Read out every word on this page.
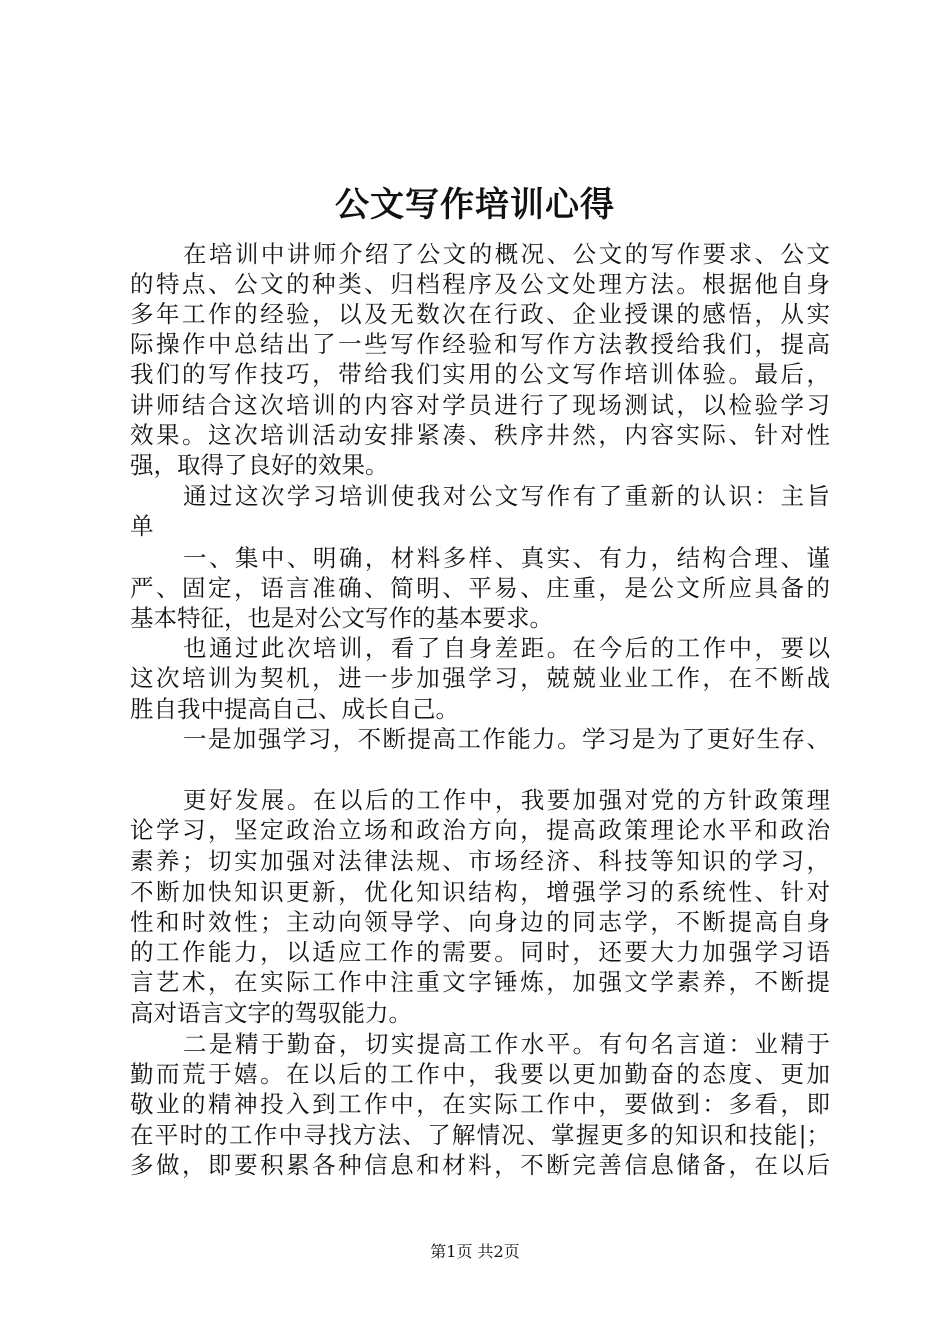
公文写作培训心得
在培训中讲师介绍了公文的概况、公文的写作要求、公文
的特点、公文的种类、归档程序及公文处理方法。根据他自身
多年工作的经验，以及无数次在行政、企业授课的感悟，从实
际操作中总结出了一些写作经验和写作方法教授给我们，提高
我们的写作技巧，带给我们实用的公文写作培训体验。最后，
讲师结合这次培训的内容对学员进行了现场测试，以检验学习
效果。这次培训活动安排紧凑、秩序井然，内容实际、针对性
强，取得了良好的效果。
通过这次学习培训使我对公文写作有了重新的认识：主旨
单
一、集中、明确，材料多样、真实、有力，结构合理、谨
严、固定，语言准确、简明、平易、庄重，是公文所应具备的
基本特征，也是对公文写作的基本要求。
也通过此次培训，看了自身差距。在今后的工作中，要以
这次培训为契机，进一步加强学习，兢兢业业工作，在不断战
胜自我中提高自己、成长自己。
一是加强学习，不断提高工作能力。学习是为了更好生存、
更好发展。在以后的工作中，我要加强对党的方针政策理
论学习，坚定政治立场和政治方向，提高政策理论水平和政治
素养；切实加强对法律法规、市场经济、科技等知识的学习，
不断加快知识更新，优化知识结构，增强学习的系统性、针对
性和时效性；主动向领导学、向身边的同志学，不断提高自身
的工作能力，以适应工作的需要。同时，还要大力加强学习语
言艺术，在实际工作中注重文字锤炼，加强文学素养，不断提
高对语言文字的驾驭能力。
二是精于勤奋，切实提高工作水平。有句名言道：业精于
勤而荒于嬉。在以后的工作中，我要以更加勤奋的态度、更加
敬业的精神投入到工作中，在实际工作中，要做到：多看，即
在平时的工作中寻找方法、了解情况、掌握更多的知识和技能|；
多做，即要积累各种信息和材料，不断完善信息储备，在以后
第1页 共2页
